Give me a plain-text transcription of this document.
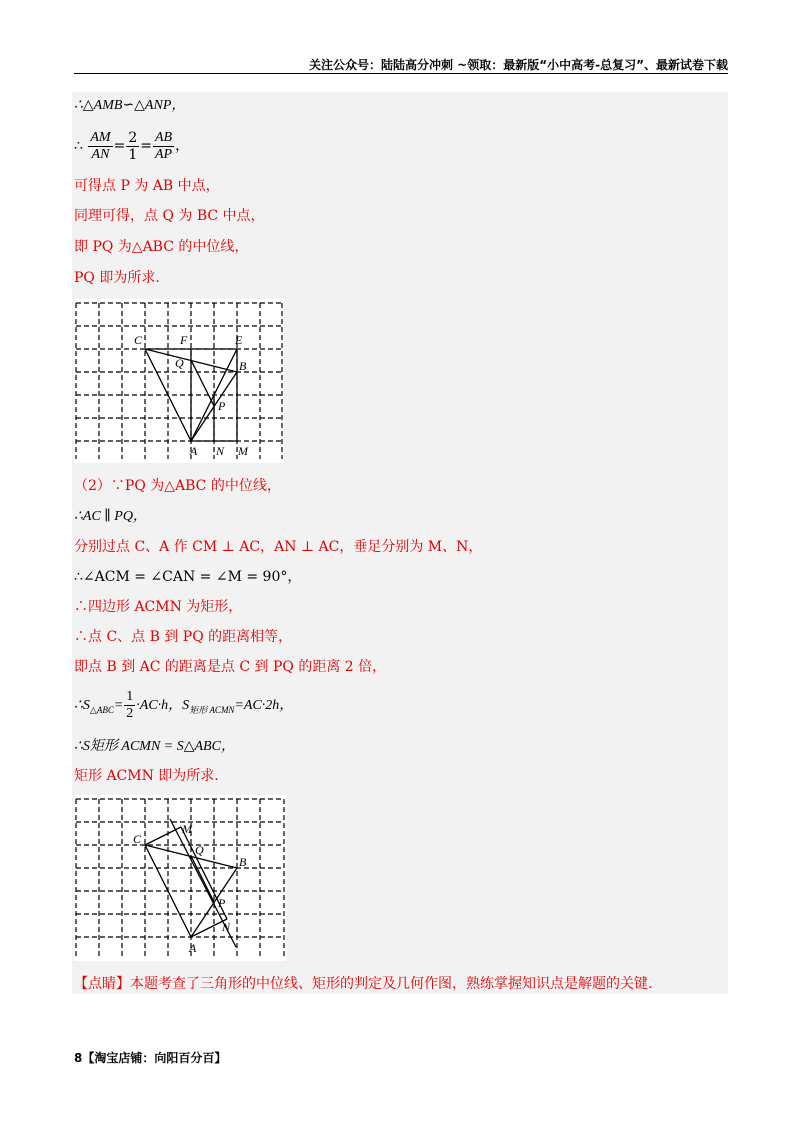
关注公众号：陆陆高分冲刺 ~领取：最新版“小中高考-总复习”、最新试卷下载
∴△AMB∽△ANP，
∴ $\frac{AM}{AN} = \frac{2}{1} = \frac{AB}{AP}$ ，
可得点 P 为 AB 中点，
同理可得，点 Q 为 BC 中点，
即 PQ 为△ABC 的中位线，
PQ 即为所求.
C	F	E
Q	B
P
A N M
（2）∵PQ 为△ABC 的中位线，
∴AC ∥ PQ，
分别过点 C、A 作 CM ⊥ AC，AN ⊥ AC，垂足分别为 M、N，
∴∠ACM = ∠CAN = ∠M = 90°，
∴四边形 ACMN 为矩形，
∴点 C、点 B 到 PQ 的距离相等，
即点 B 到 AC 的距离是点 C 到 PQ 的距离 2 倍，
$\therefore S_{\triangle ABC}= \frac{1}{2} \cdot AC\cdot h$，$S_{矩形 ACMN}=AC\cdot 2h$，
∴S矩形 ACMN = S△ABC，
矩形 ACMN 即为所求.
C
M
Q
B
P
A
N
【点睛】本题考查了三角形的中位线、矩形的判定及几何作图，熟练掌握知识点是解题的关键.
8【淘宝店铺：向阳百分百】
